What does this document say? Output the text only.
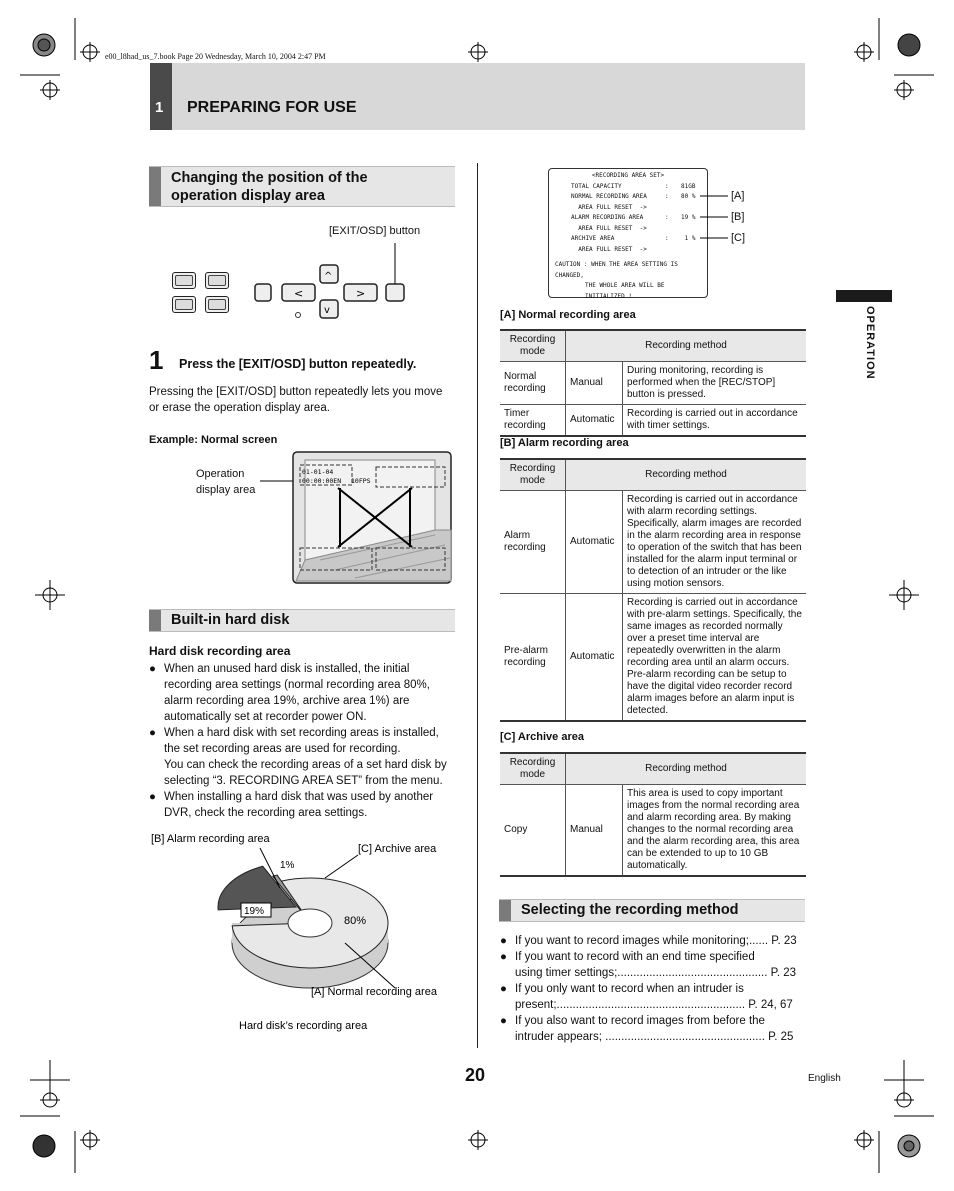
e00_l8had_us_7.book Page 20 Wednesday, March 10, 2004 2:47 PM
1 PREPARING FOR USE
OPERATION
Changing the position of the
operation display area
[EXIT/OSD] button
<
^
v
>
1 Press the [EXIT/OSD] button repeatedly.
Pressing the [EXIT/OSD] button repeatedly lets you move
or erase the operation display area.
Example: Normal screen
Operation
display area
01-01-04
00:00:00EN 10FPS
Built-in hard disk
Hard disk recording area
● When an unused hard disk is installed, the initial
recording area settings (normal recording area 80%,
alarm recording area 19%, archive area 1%) are
automatically set at recorder power ON.
● When a hard disk with set recording areas is installed,
the set recording areas are used for recording.
You can check the recording areas of a set hard disk by
selecting “3. RECORDING AREA SET” from the menu.
● When installing a hard disk that was used by another
DVR, check the recording area settings.
[B] Alarm recording area
[C] Archive area
[A] Normal recording area
1%
19%
80%
Hard disk’s recording area
<RECORDING AREA SET>
TOTAL CAPACITY	: 81GB
NORMAL RECORDING AREA	: 80 %
AREA FULL RESET  ->
ALARM RECORDING AREA	: 19 %
AREA FULL RESET  ->
ARCHIVE AREA	: 1 %
AREA FULL RESET  ->
CAUTION : WHEN THE AREA SETTING IS CHANGED,
THE WHOLE AREA WILL BE INITIALIZED !
[A]
[B]
[C]
[A] Normal recording area
Recording mode	Recording method	
Normal recording	Manual	During monitoring, recording is performed when the [REC/STOP] button is pressed.
Timer recording	Automatic	Recording is carried out in accordance with timer settings.
[B] Alarm recording area
Recording mode	Recording method	
Alarm recording	Automatic	Recording is carried out in accordance with alarm recording settings. Specifically, alarm images are recorded in the alarm recording area in response to operation of the switch that has been installed for the alarm input terminal or to detection of an intruder or the like using motion sensors.
Pre-alarm recording	Automatic	Recording is carried out in accordance with pre-alarm settings. Specifically, the same images as recorded normally over a preset time interval are repeatedly overwritten in the alarm recording area until an alarm occurs. Pre-alarm recording can be setup to have the digital video recorder record alarm images before an alarm input is detected.
[C] Archive area
Recording mode	Recording method	
Copy	Manual	This area is used to copy important images from the normal recording area and alarm recording area. By making changes to the normal recording area and the alarm recording area, this area can be extended to up to 10 GB automatically.
Selecting the recording method
● If you want to record images while monitoring;...... P. 23
● If you want to record with an end time specified
using timer settings;............................................... P. 23
● If you only want to record when an intruder is
present;........................................................... P. 24, 67
● If you also want to record images from before the
intruder appears; .................................................. P. 25
20	English
